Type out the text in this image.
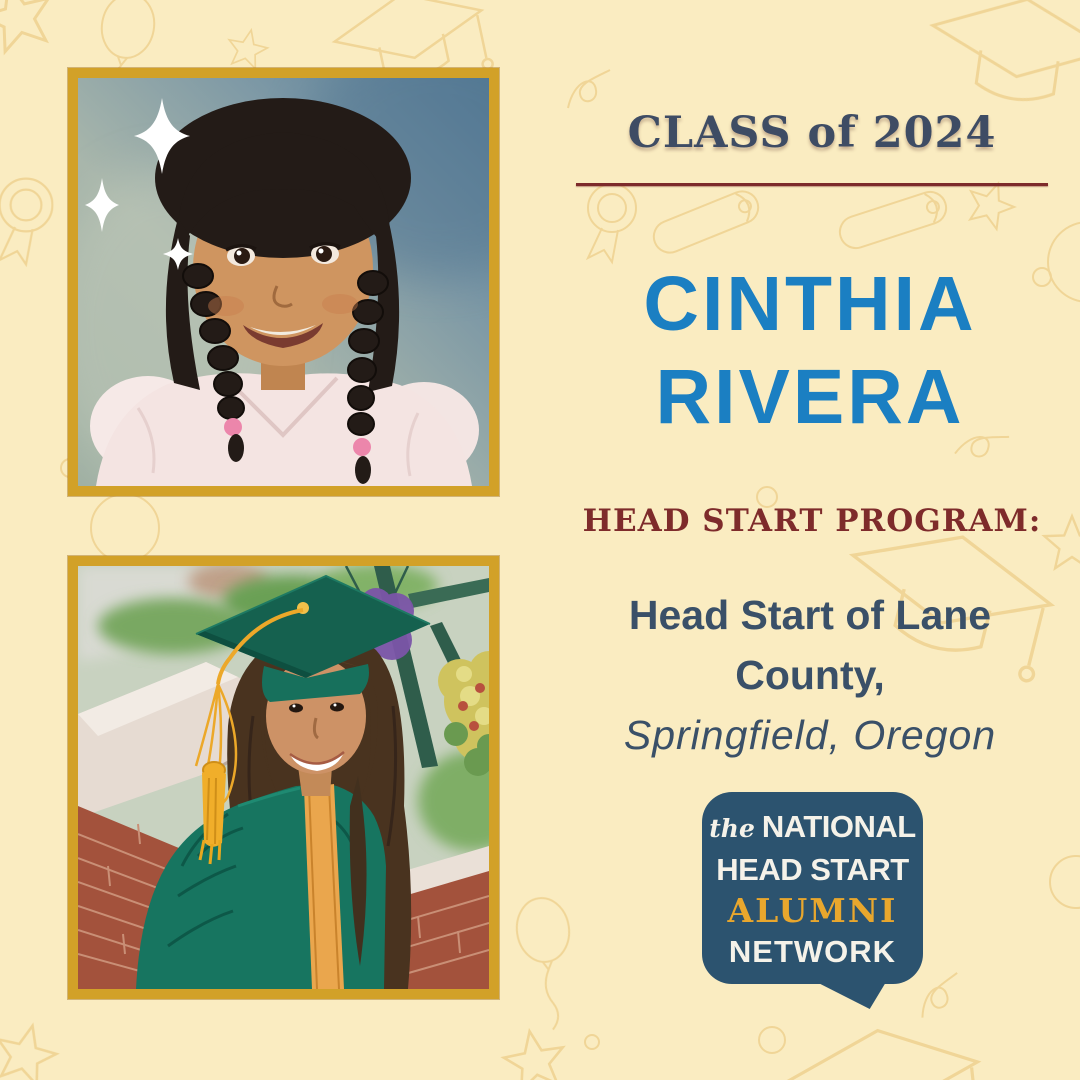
CLASS of 2024
CINTHIA
RIVERA
HEAD START PROGRAM:
Head Start of Lane
County,
Springfield, Oregon
the NATIONAL
HEAD START
ALUMNI
NETWORK
